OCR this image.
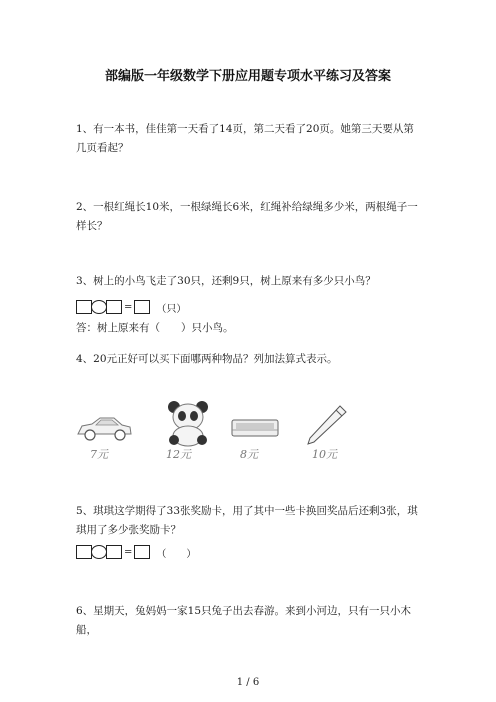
部编版一年级数学下册应用题专项水平练习及答案
1、有一本书，佳佳第一天看了14页，第二天看了20页。她第三天要从第几页看起？
2、一根红绳长10米，一根绿绳长6米，红绳补给绿绳多少米，两根绳子一样长？
3、树上的小鸟飞走了30只，还剩9只，树上原来有多少只小鸟？
= （只）
答：树上原来有（　　）只小鸟。
4、20元正好可以买下面哪两种物品？列加法算式表示。
7元	12元	8元	10元
5、琪琪这学期得了33张奖励卡，用了其中一些卡换回奖品后还剩3张，琪琪用了多少张奖励卡？
= （　　）
6、星期天，兔妈妈一家15只兔子出去春游。来到小河边，只有一只小木船，
1 / 6
